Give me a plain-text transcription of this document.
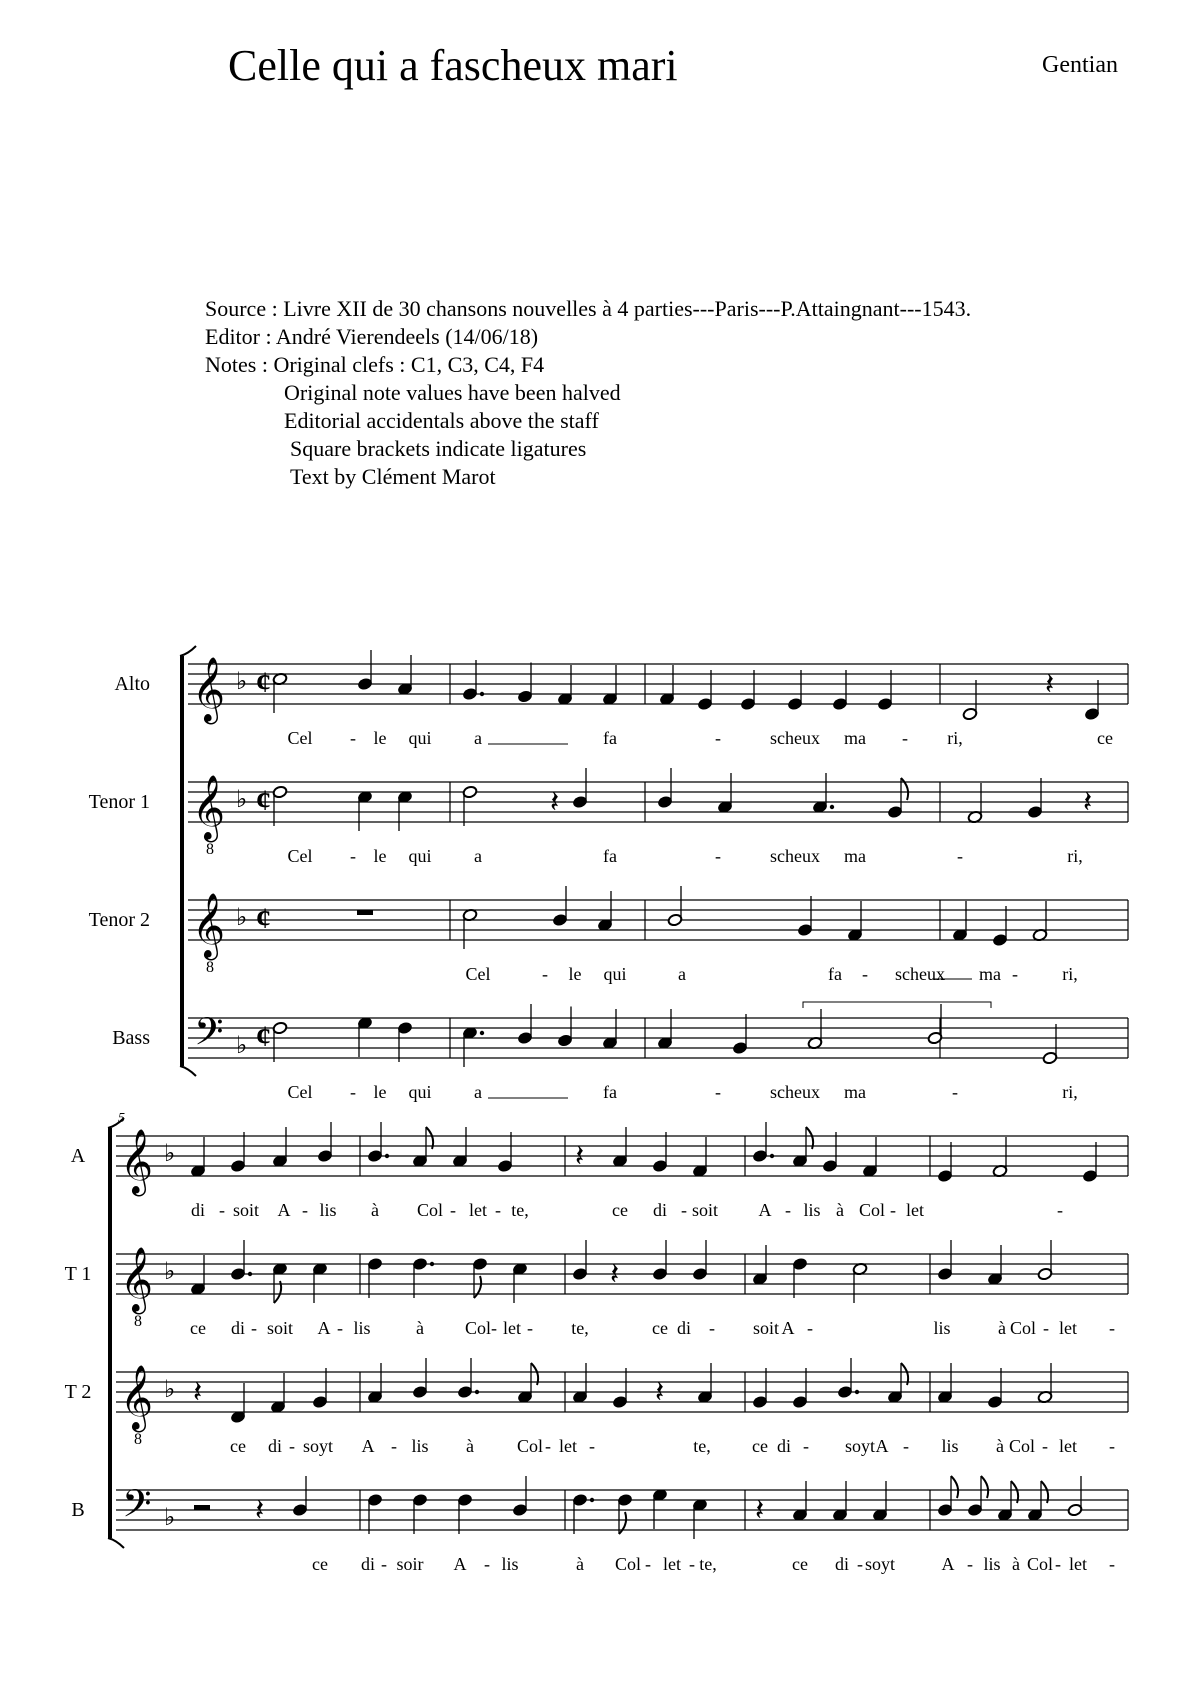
Celle qui a fascheux mari	Gentian
Source : Livre XII de 30 chansons nouvelles à 4 parties---Paris---P.Attaingnant---1543.
Editor : André Vierendeels (14/06/18)
Notes : Original clefs : C1, C3, C4, F4
Original note values have been halved
Editorial accidentals above the staff
Square brackets indicate ligatures
Text by Clément Marot
𝄞 ♭ ¢	𝄽
Alto
Cel - le qui a	fa	-	scheux ma - ri,	ce
𝄞
8
♭ ¢	𝄽	𝄽
Tenor 1
Cel - le qui a	fa	-	scheux ma	-	ri,
𝄞
8
♭ ¢
Tenor 2
Cel	- le qui	a	fa - scheux ma - ri,
𝄢 ♭ ¢
Bass
Cel - le qui a	fa	-	scheux ma	-	ri,
5
𝄞 ♭	𝄽
A
di - soit A - lis à Col - let - te,	ce di - soit A - lis à Col - let	-
𝄞
8
♭	𝄽
T 1
ce di - soit A - lis	à Col - let - te,	ce di - soit A -	lis	à Col - let -
𝄞
8
♭ 𝄽	𝄽
T 2
ce di - soyt A - lis à Col - let -	te, ce di - soyt A - lis à Col - let -
𝄢 ♭	𝄽	𝄽
B
ce di - soir A - lis	à Col - let - te,	ce di - soyt	A - lis à Col - let -
